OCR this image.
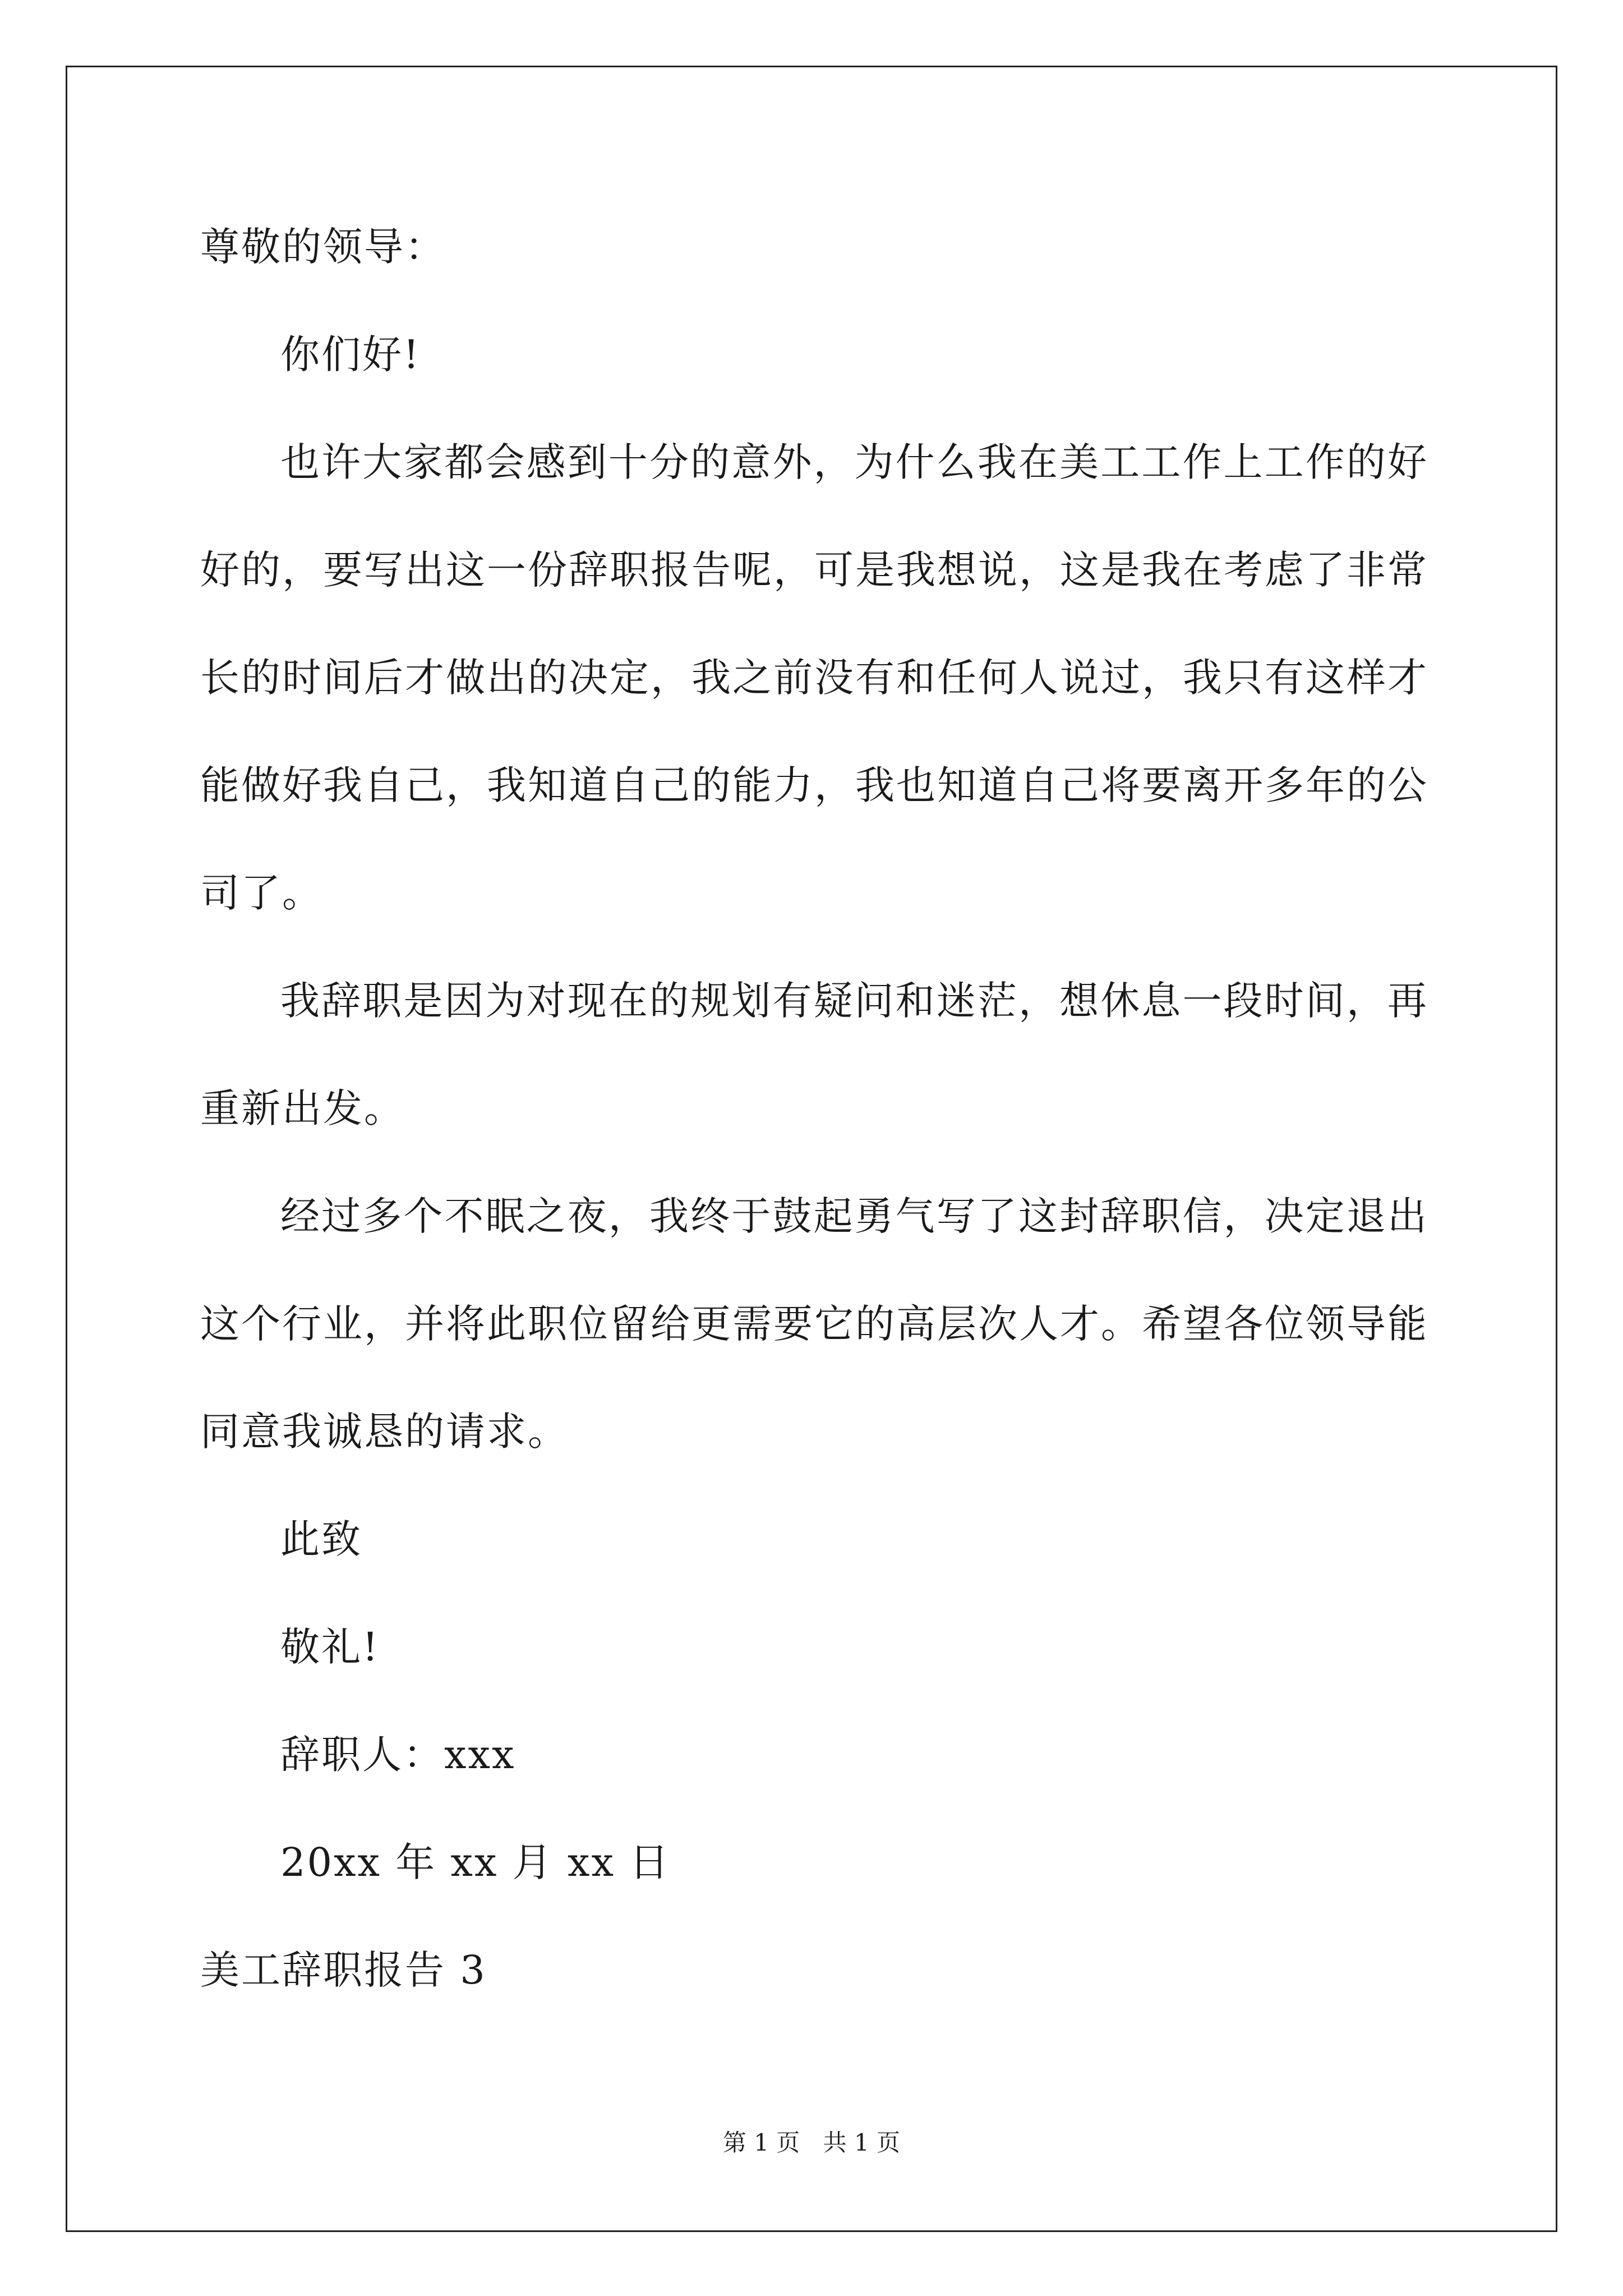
尊敬的领导：
你们好!
也许大家都会感到十分的意外，为什么我在美工工作上工作的好
好的，要写出这一份辞职报告呢，可是我想说，这是我在考虑了非常
长的时间后才做出的决定，我之前没有和任何人说过，我只有这样才
能做好我自己，我知道自己的能力，我也知道自己将要离开多年的公
司了。
我辞职是因为对现在的规划有疑问和迷茫，想休息一段时间，再
重新出发。
经过多个不眠之夜，我终于鼓起勇气写了这封辞职信，决定退出
这个行业，并将此职位留给更需要它的高层次人才。希望各位领导能
同意我诚恳的请求。
此致
敬礼!
辞职人：xxx
20xx 年 xx 月 xx 日
美工辞职报告 3
第 1 页 共 1 页
